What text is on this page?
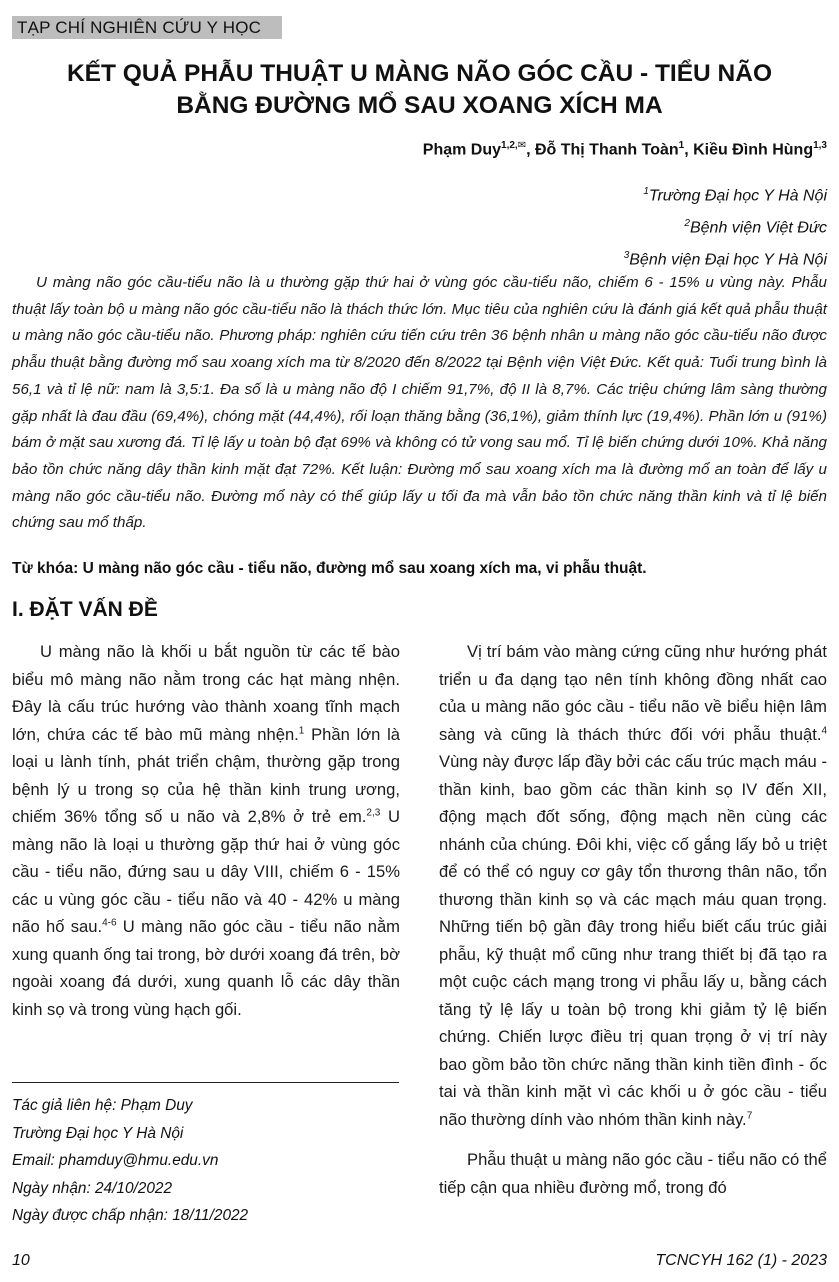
TẠP CHÍ NGHIÊN CỨU Y HỌC
KẾT QUẢ PHẪU THUẬT U MÀNG NÃO GÓC CẦU - TIỂU NÃO
BẰNG ĐƯỜNG MỔ SAU XOANG XÍCH MA
Phạm Duy$^{1,2,✉}$, Đỗ Thị Thanh Toàn$^1$, Kiều Đình Hùng$^{1,3}$
$^1$Trường Đại học Y Hà Nội
$^2$Bệnh viện Việt Đức
$^3$Bệnh viện Đại học Y Hà Nội

U màng não góc cầu-tiểu não là u thường gặp thứ hai ở vùng góc cầu-tiểu não, chiếm 6 - 15% u vùng này. Phẫu thuật lấy toàn bộ u màng não góc cầu-tiểu não là thách thức lớn. Mục tiêu của nghiên cứu là đánh giá kết quả phẫu thuật u màng não góc cầu-tiểu não. Phương pháp: nghiên cứu tiến cứu trên 36 bệnh nhân u màng não góc cầu-tiểu não được phẫu thuật bằng đường mổ sau xoang xích ma từ 8/2020 đến 8/2022 tại Bệnh viện Việt Đức. Kết quả: Tuổi trung bình là 56,1 và tỉ lệ nữ: nam là 3,5:1. Đa số là u màng não độ I chiếm 91,7%, độ II là 8,7%. Các triệu chứng lâm sàng thường gặp nhất là đau đầu (69,4%), chóng mặt (44,4%), rối loạn thăng bằng (36,1%), giảm thính lực (19,4%). Phần lớn u (91%) bám ở mặt sau xương đá. Tỉ lệ lấy u toàn bộ đạt 69% và không có tử vong sau mổ. Tỉ lệ biến chứng dưới 10%. Khả năng bảo tồn chức năng dây thần kinh mặt đạt 72%. Kết luận: Đường mổ sau xoang xích ma là đường mổ an toàn để lấy u màng não góc cầu-tiểu não. Đường mổ này có thể giúp lấy u tối đa mà vẫn bảo tồn chức năng thần kinh và tỉ lệ biến chứng sau mổ thấp.

Từ khóa: U màng não góc cầu - tiểu não, đường mổ sau xoang xích ma, vi phẫu thuật.
I. ĐẶT VẤN ĐỀ

U màng não là khối u bắt nguồn từ các tế bào biểu mô màng não nằm trong các hạt màng nhện. Đây là cấu trúc hướng vào thành xoang tĩnh mạch lớn, chứa các tế bào mũ màng nhện.$^1$ Phần lớn là loại u lành tính, phát triển chậm, thường gặp trong bệnh lý u trong sọ của hệ thần kinh trung ương, chiếm 36% tổng số u não và 2,8% ở trẻ em.$^{2,3}$ U màng não là loại u thường gặp thứ hai ở vùng góc cầu - tiểu não, đứng sau u dây VIII, chiếm 6 - 15% các u vùng góc cầu - tiểu não và 40 - 42% u màng não hố sau.$^{4-6}$ U màng não góc cầu - tiểu não nằm xung quanh ống tai trong, bờ dưới xoang đá trên, bờ ngoài xoang đá dưới, xung quanh lỗ các dây thần kinh sọ và trong vùng hạch gối.

Tác giả liên hệ: Phạm Duy
Trường Đại học Y Hà Nội
Email: phamduy@hmu.edu.vn
Ngày nhận: 24/10/2022
Ngày được chấp nhận: 18/11/2022

Vị trí bám vào màng cứng cũng như hướng phát triển u đa dạng tạo nên tính không đồng nhất cao của u màng não góc cầu - tiểu não về biểu hiện lâm sàng và cũng là thách thức đối với phẫu thuật.$^4$ Vùng này được lấp đầy bởi các cấu trúc mạch máu - thần kinh, bao gồm các thần kinh sọ IV đến XII, động mạch đốt sống, động mạch nền cùng các nhánh của chúng. Đôi khi, việc cố gắng lấy bỏ u triệt để có thể có nguy cơ gây tổn thương thân não, tổn thương thần kinh sọ và các mạch máu quan trọng. Những tiến bộ gần đây trong hiểu biết cấu trúc giải phẫu, kỹ thuật mổ cũng như trang thiết bị đã tạo ra một cuộc cách mạng trong vi phẫu lấy u, bằng cách tăng tỷ lệ lấy u toàn bộ trong khi giảm tỷ lệ biến chứng. Chiến lược điều trị quan trọng ở vị trí này bao gồm bảo tồn chức năng thần kinh tiền đình - ốc tai và thần kinh mặt vì các khối u ở góc cầu - tiểu não thường dính vào nhóm thần kinh này.$^7$

Phẫu thuật u màng não góc cầu - tiểu não có thể tiếp cận qua nhiều đường mổ, trong đó

10	TCNCYH 162 (1) - 2023
